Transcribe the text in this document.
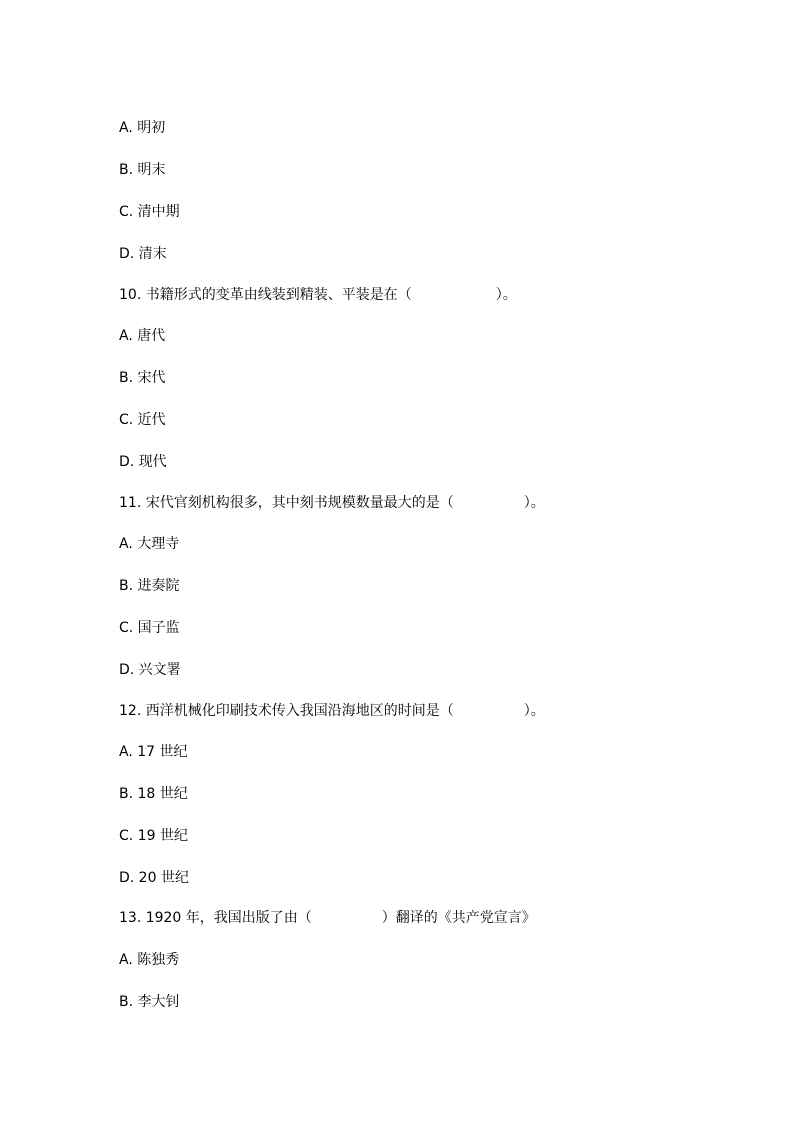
A. 明初
B. 明末
C. 清中期
D. 清末
10. 书籍形式的变革由线装到精装、平装是在（　　　　　　）。
A. 唐代
B. 宋代
C. 近代
D. 现代
11. 宋代官刻机构很多，其中刻书规模数量最大的是（　　　　　）。
A. 大理寺
B. 进奏院
C. 国子监
D. 兴文署
12. 西洋机械化印刷技术传入我国沿海地区的时间是（　　　　　）。
A. 17 世纪
B. 18 世纪
C. 19 世纪
D. 20 世纪
13. 1920 年，我国出版了由（　　　　　）翻译的《共产党宣言》
A. 陈独秀
B. 李大钊
